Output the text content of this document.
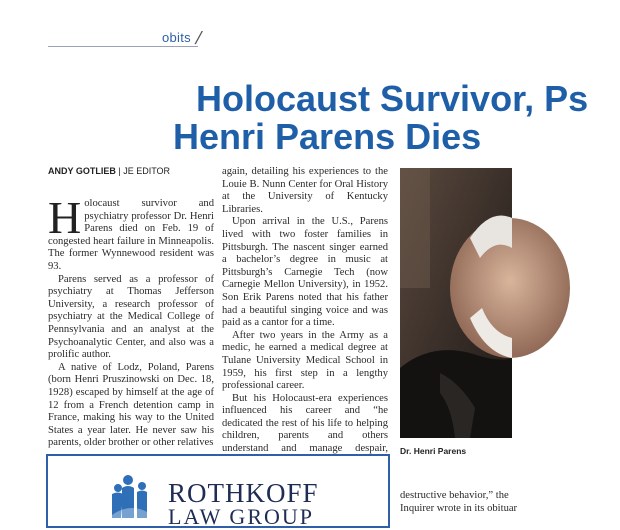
obits /
Holocaust Survivor, Ps
Henri Parens Dies
ANDY GOTLIEB | JE EDITOR

Holocaust survivor and psychiatry professor Dr. Henri Parens died on Feb. 19 of congested heart failure in Minneapolis. The former Wynnewood resident was 93.

Parens served as a professor of psychiatry at Thomas Jefferson University, a research professor of psychiatry at the Medical College of Pennsylvania and an analyst at the Psychoanalytic Center, and also was a prolific author.

A native of Lodz, Poland, Parens (born Henri Pruszinowski on Dec. 18, 1928) escaped by himself at the age of 12 from a French detention camp in France, making his way to the United States a year later. He never saw his parents, older brother or other relatives

again, detailing his experiences to the Louie B. Nunn Center for Oral History at the University of Kentucky Libraries.

Upon arrival in the U.S., Parens lived with two foster families in Pittsburgh. The nascent singer earned a bachelor’s degree in music at Pittsburgh’s Carnegie Tech (now Carnegie Mellon University), in 1952. Son Erik Parens noted that his father had a beautiful singing voice and was paid as a cantor for a time.

After two years in the Army as a medic, he earned a medical degree at Tulane University Medical School in 1959, his first step in a lengthy professional career.

But his Holocaust-era experiences influenced his career and “he dedicated the rest of his life to helping children, parents and others understand and manage despair, Dr. Henri Parens
ROTHKOFF
LAW GROUP
destructive behavior,” the
Inquirer wrote in its obituar
